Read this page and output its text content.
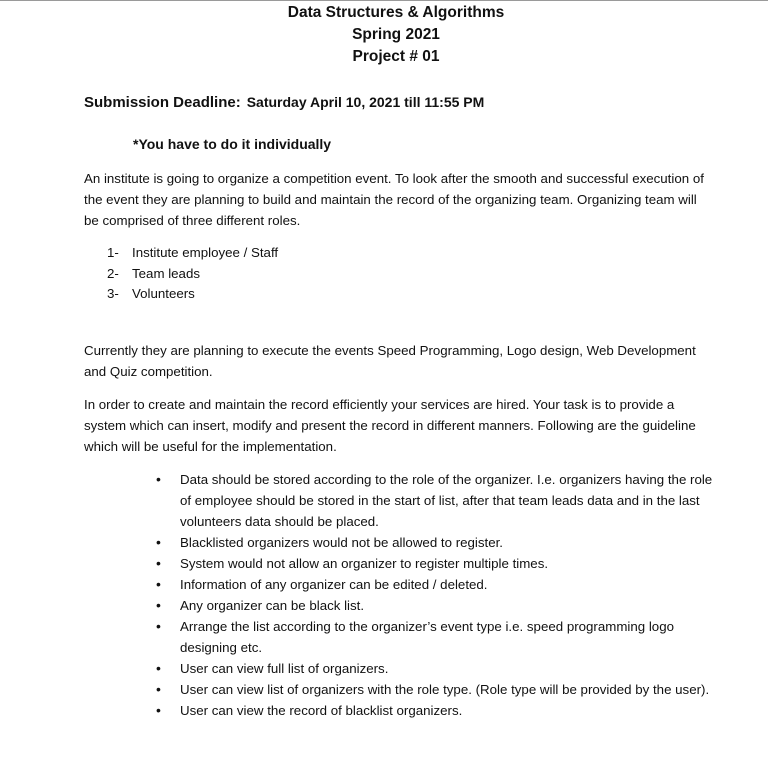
Data Structures & Algorithms
Spring 2021
Project # 01
Submission Deadline: Saturday April 10, 2021 till 11:55 PM
*You have to do it individually
An institute is going to organize a competition event. To look after the smooth and successful execution of the event they are planning to build and maintain the record of the organizing team. Organizing team will be comprised of three different roles.
1- Institute employee / Staff
2- Team leads
3- Volunteers
Currently they are planning to execute the events Speed Programming, Logo design, Web Development and Quiz competition.
In order to create and maintain the record efficiently your services are hired. Your task is to provide a system which can insert, modify and present the record in different manners. Following are the guideline which will be useful for the implementation.
•	Data should be stored according to the role of the organizer. I.e. organizers having the role of employee should be stored in the start of list, after that team leads data and in the last volunteers data should be placed.
•	Blacklisted organizers would not be allowed to register.
•	System would not allow an organizer to register multiple times.
•	Information of any organizer can be edited / deleted.
•	Any organizer can be black list.
•	Arrange the list according to the organizer’s event type i.e. speed programming logo designing etc.
•	User can view full list of organizers.
•	User can view list of organizers with the role type. (Role type will be provided by the user).
•	User can view the record of blacklist organizers.
